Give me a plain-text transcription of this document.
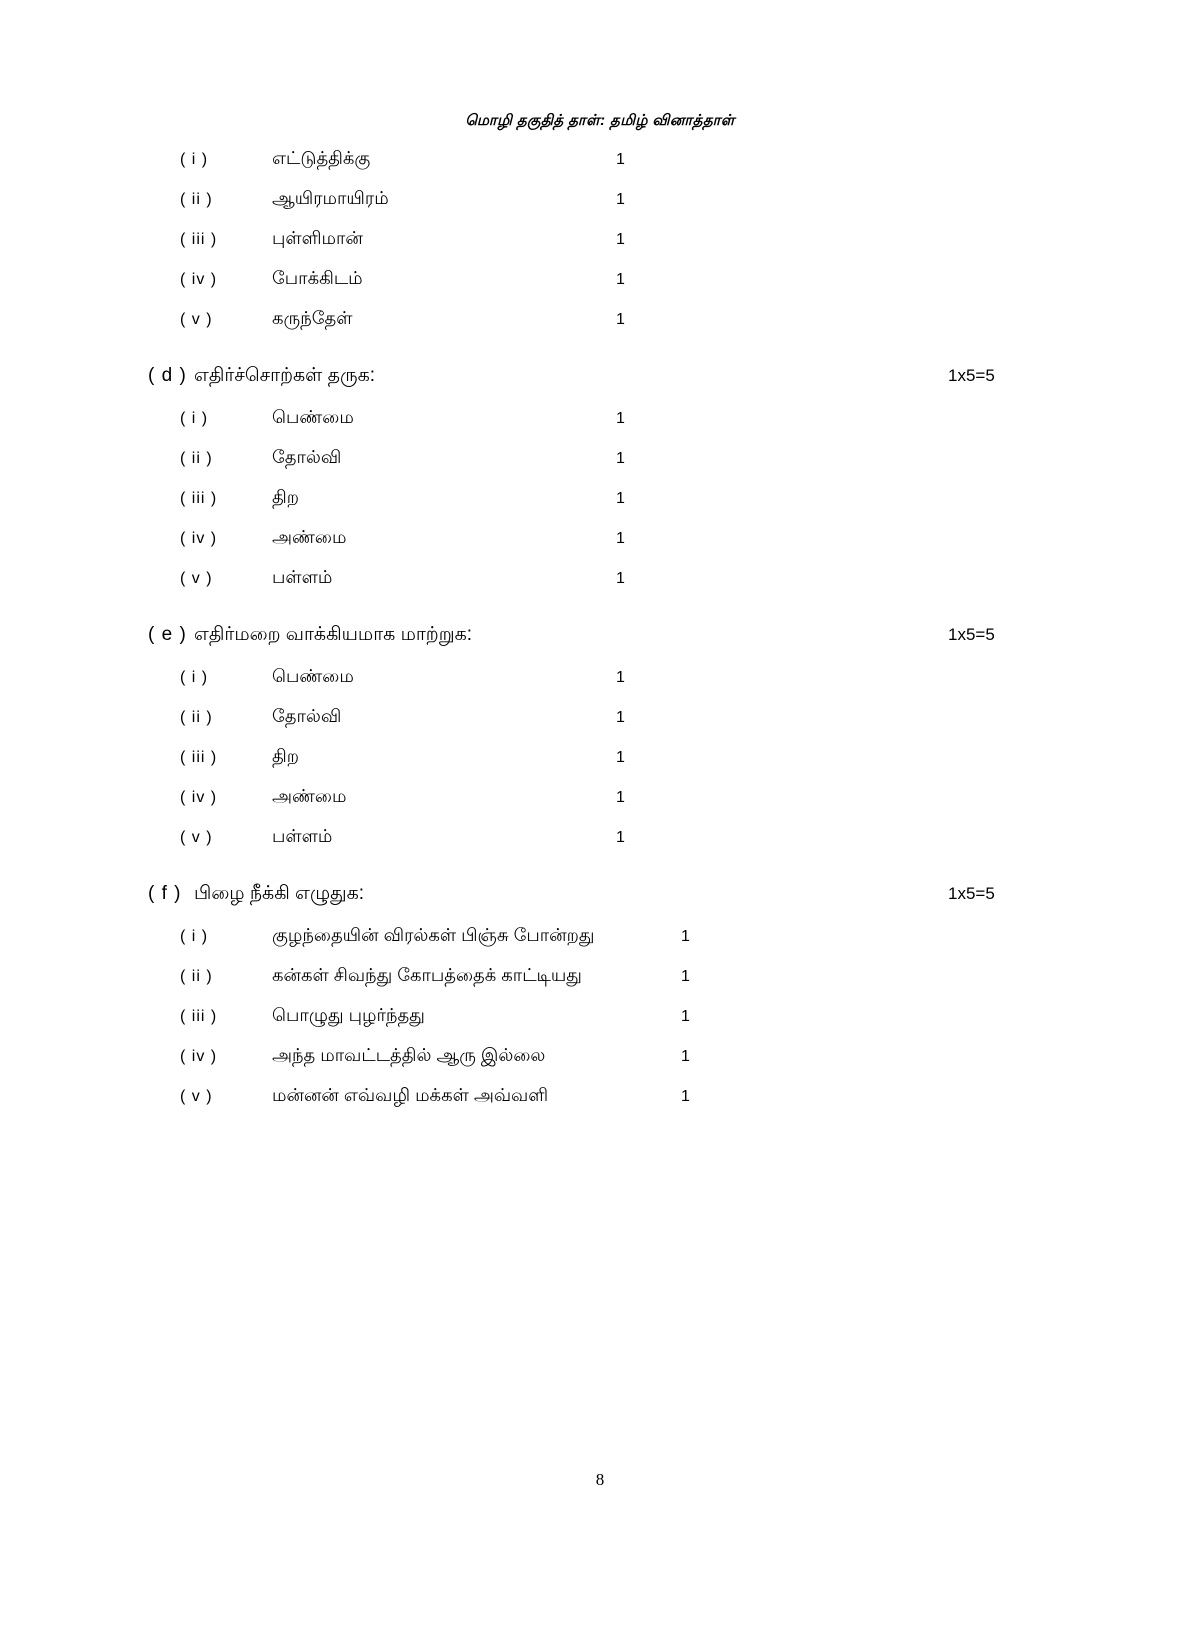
மொழி தகுதித் தாள்: தமிழ் வினாத்தாள்
( i )	எட்டுத்திக்கு	1
( ii )	ஆயிரமாயிரம்	1
( iii )	புள்ளிமான்	1
( iv )	போக்கிடம்	1
( v )	கருந்தேள்	1
( d ) எதிர்ச்சொற்கள் தருக:	1x5=5
( i )	பெண்மை	1
( ii )	தோல்வி	1
( iii )	திற	1
( iv )	அண்மை	1
( v )	பள்ளம்	1
( e ) எதிர்மறை வாக்கியமாக மாற்றுக:	1x5=5
( i )	பெண்மை	1
( ii )	தோல்வி	1
( iii )	திற	1
( iv )	அண்மை	1
( v )	பள்ளம்	1
( f ) பிழை நீக்கி எழுதுக:	1x5=5
( i )	குழந்தையின் விரல்கள் பிஞ்சு போன்றது	1
( ii )	கன்கள் சிவந்து கோபத்தைக் காட்டியது	1
( iii )	பொழுது புழர்ந்தது	1
( iv )	அந்த மாவட்டத்தில் ஆரு இல்லை	1
( v )	மன்னன் எவ்வழி மக்கள் அவ்வளி	1
8
